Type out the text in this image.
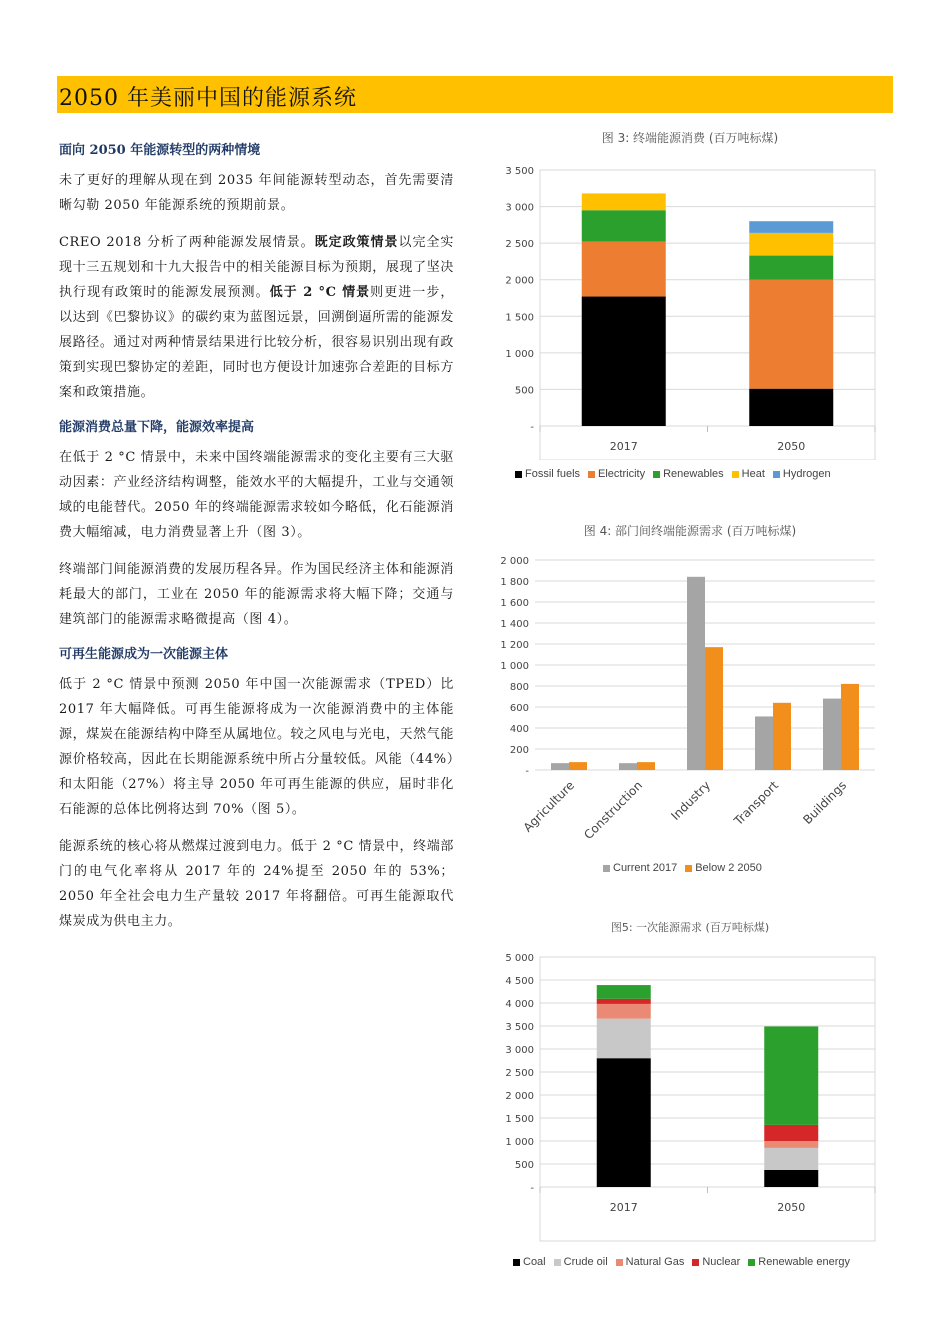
2050 年美丽中国的能源系统
面向 2050 年能源转型的两种情境

未了更好的理解从现在到 2035 年间能源转型动态，首先需要清晰勾勒 2050 年能源系统的预期前景。

CREO 2018 分析了两种能源发展情景。既定政策情景以完全实现十三五规划和十九大报告中的相关能源目标为预期，展现了坚决执行现有政策时的能源发展预测。低于 2 °C 情景则更进一步，以达到《巴黎协议》的碳约束为蓝图远景，回溯倒逼所需的能源发展路径。通过对两种情景结果进行比较分析，很容易识别出现有政策到实现巴黎协定的差距，同时也方便设计加速弥合差距的目标方案和政策措施。

能源消费总量下降，能源效率提高

在低于 2 °C 情景中，未来中国终端能源需求的变化主要有三大驱动因素：产业经济结构调整，能效水平的大幅提升，工业与交通领域的电能替代。2050 年的终端能源需求较如今略低，化石能源消费大幅缩减，电力消费显著上升（图 3）。

终端部门间能源消费的发展历程各异。作为国民经济主体和能源消耗最大的部门，工业在 2050 年的能源需求将大幅下降；交通与建筑部门的能源需求略微提高（图 4）。

可再生能源成为一次能源主体

低于 2 °C 情景中预测 2050 年中国一次能源需求（TPED）比 2017 年大幅降低。可再生能源将成为一次能源消费中的主体能源，煤炭在能源结构中降至从属地位。较之风电与光电，天然气能源价格较高，因此在长期能源系统中所占分量较低。风能（44%）和太阳能（27%）将主导 2050 年可再生能源的供应，届时非化石能源的总体比例将达到 70%（图 5）。

能源系统的核心将从燃煤过渡到电力。低于 2 °C 情景中，终端部门的电气化率将从 2017 年的 24%提至 2050 年的 53%；2050 年全社会电力生产量较 2017 年将翻倍。可再生能源取代煤炭成为供电主力。

图 3: 终端能源消费 (百万吨标煤)
-
500
1 000
1 500
2 000
2 500
3 000
3 500
2017	2050
Fossil fuels Electricity Renewables Heat Hydrogen
图 4: 部门间终端能源需求 (百万吨标煤)
-
200
400
600
800
1 000
1 200
1 400
1 600
1 800
2 000
Agriculture Construction Industry Transport Buildings
Current 2017 Below 2 2050
图5: 一次能源需求 (百万吨标煤)
-
500
1 000
1 500
2 000
2 500
3 000
3 500
4 000
4 500
5 000
2017	2050
Coal Crude oil Natural Gas Nuclear Renewable energy
